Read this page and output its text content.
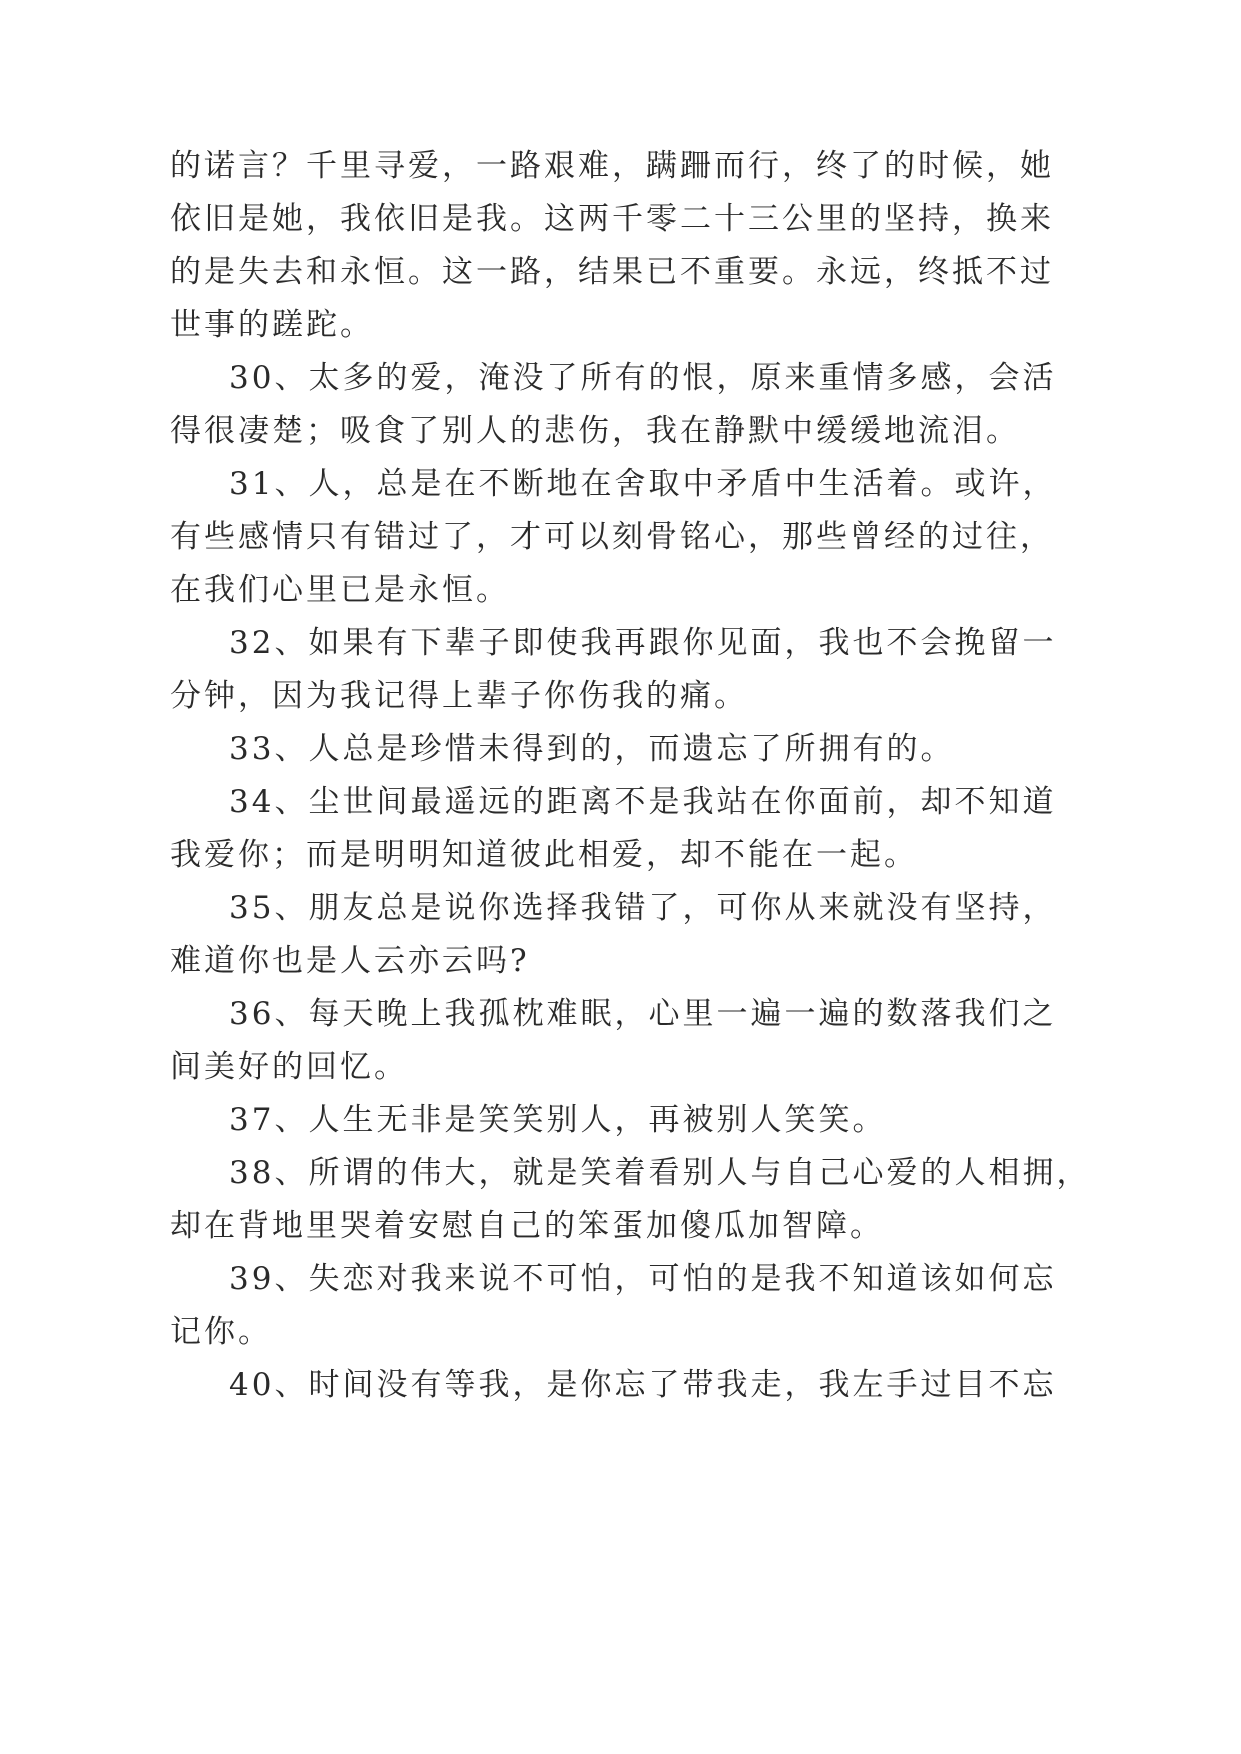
的诺言？千里寻爱，一路艰难，蹒跚而行，终了的时候，她
依旧是她，我依旧是我。这两千零二十三公里的坚持，换来
的是失去和永恒。这一路，结果已不重要。永远，终抵不过
世事的蹉跎。
30、太多的爱，淹没了所有的恨，原来重情多感，会活
得很凄楚；吸食了别人的悲伤，我在静默中缓缓地流泪。
31、人，总是在不断地在舍取中矛盾中生活着。或许，
有些感情只有错过了，才可以刻骨铭心，那些曾经的过往，
在我们心里已是永恒。
32、如果有下辈子即使我再跟你见面，我也不会挽留一
分钟，因为我记得上辈子你伤我的痛。
33、人总是珍惜未得到的，而遗忘了所拥有的。
34、尘世间最遥远的距离不是我站在你面前，却不知道
我爱你；而是明明知道彼此相爱，却不能在一起。
35、朋友总是说你选择我错了，可你从来就没有坚持，
难道你也是人云亦云吗?
36、每天晚上我孤枕难眠，心里一遍一遍的数落我们之
间美好的回忆。
37、人生无非是笑笑别人，再被别人笑笑。
38、所谓的伟大，就是笑着看别人与自己心爱的人相拥，
却在背地里哭着安慰自己的笨蛋加傻瓜加智障。
39、失恋对我来说不可怕，可怕的是我不知道该如何忘
记你。
40、时间没有等我，是你忘了带我走，我左手过目不忘
